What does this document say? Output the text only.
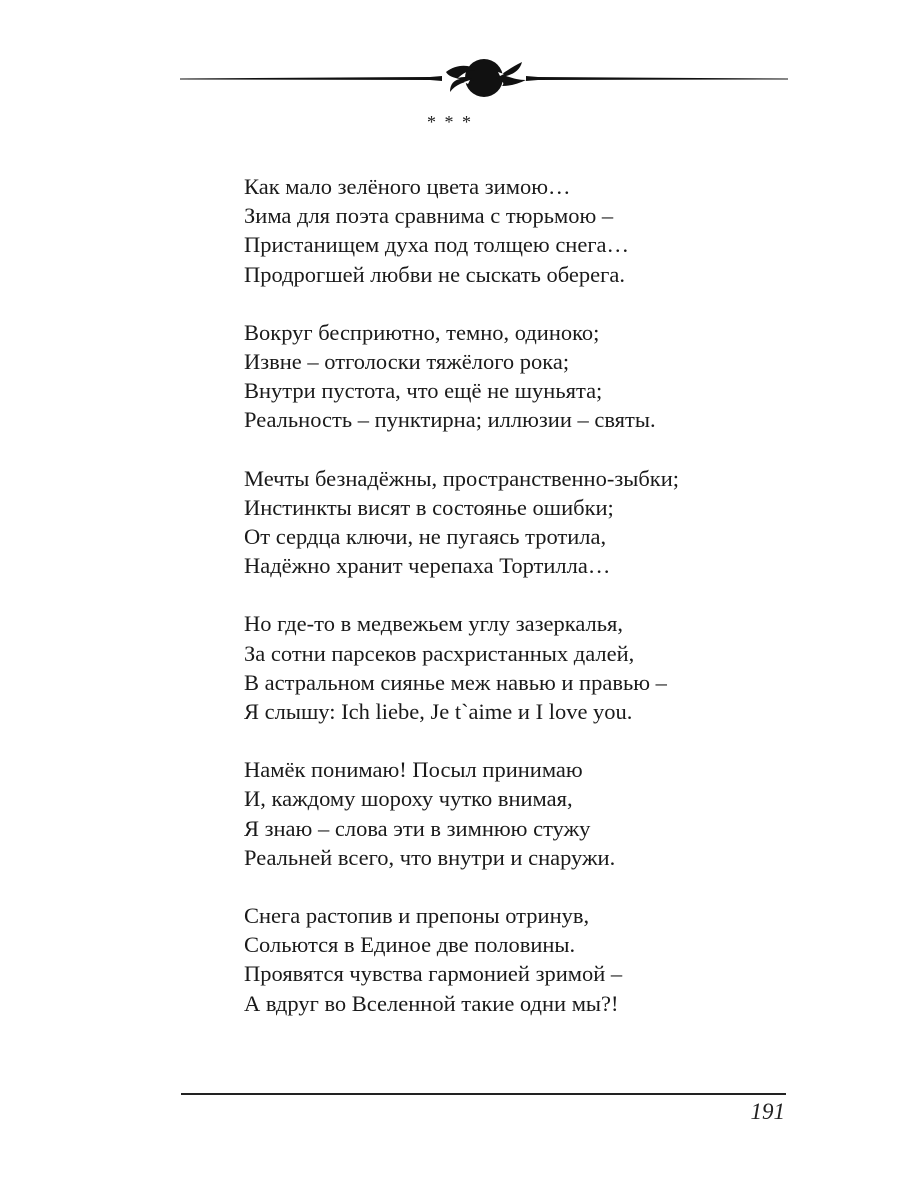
* * *
Как мало зелёного цвета зимою…
Зима для поэта сравнима с тюрьмою –
Пристанищем духа под толщею снега…
Продрогшей любви не сыскать оберега.
Вокруг бесприютно, темно, одиноко;
Извне – отголоски тяжёлого рока;
Внутри пустота, что ещё не шуньята;
Реальность – пунктирна; иллюзии – святы.
Мечты безнадёжны, пространственно-зыбки;
Инстинкты висят в состоянье ошибки;
От сердца ключи, не пугаясь тротила,
Надёжно хранит черепаха Тортилла…
Но где-то в медвежьем углу зазеркалья,
За сотни парсеков расхристанных далей,
В астральном сиянье меж навью и правью –
Я слышу: Ich liebe, Je t`aime и I love you.
Намёк понимаю! Посыл принимаю
И, каждому шороху чутко внимая,
Я знаю – слова эти в зимнюю стужу
Реальней всего, что внутри и снаружи.
Снега растопив и препоны отринув,
Сольются в Единое две половины.
Проявятся чувства гармонией зримой –
А вдруг во Вселенной такие одни мы?!
191
